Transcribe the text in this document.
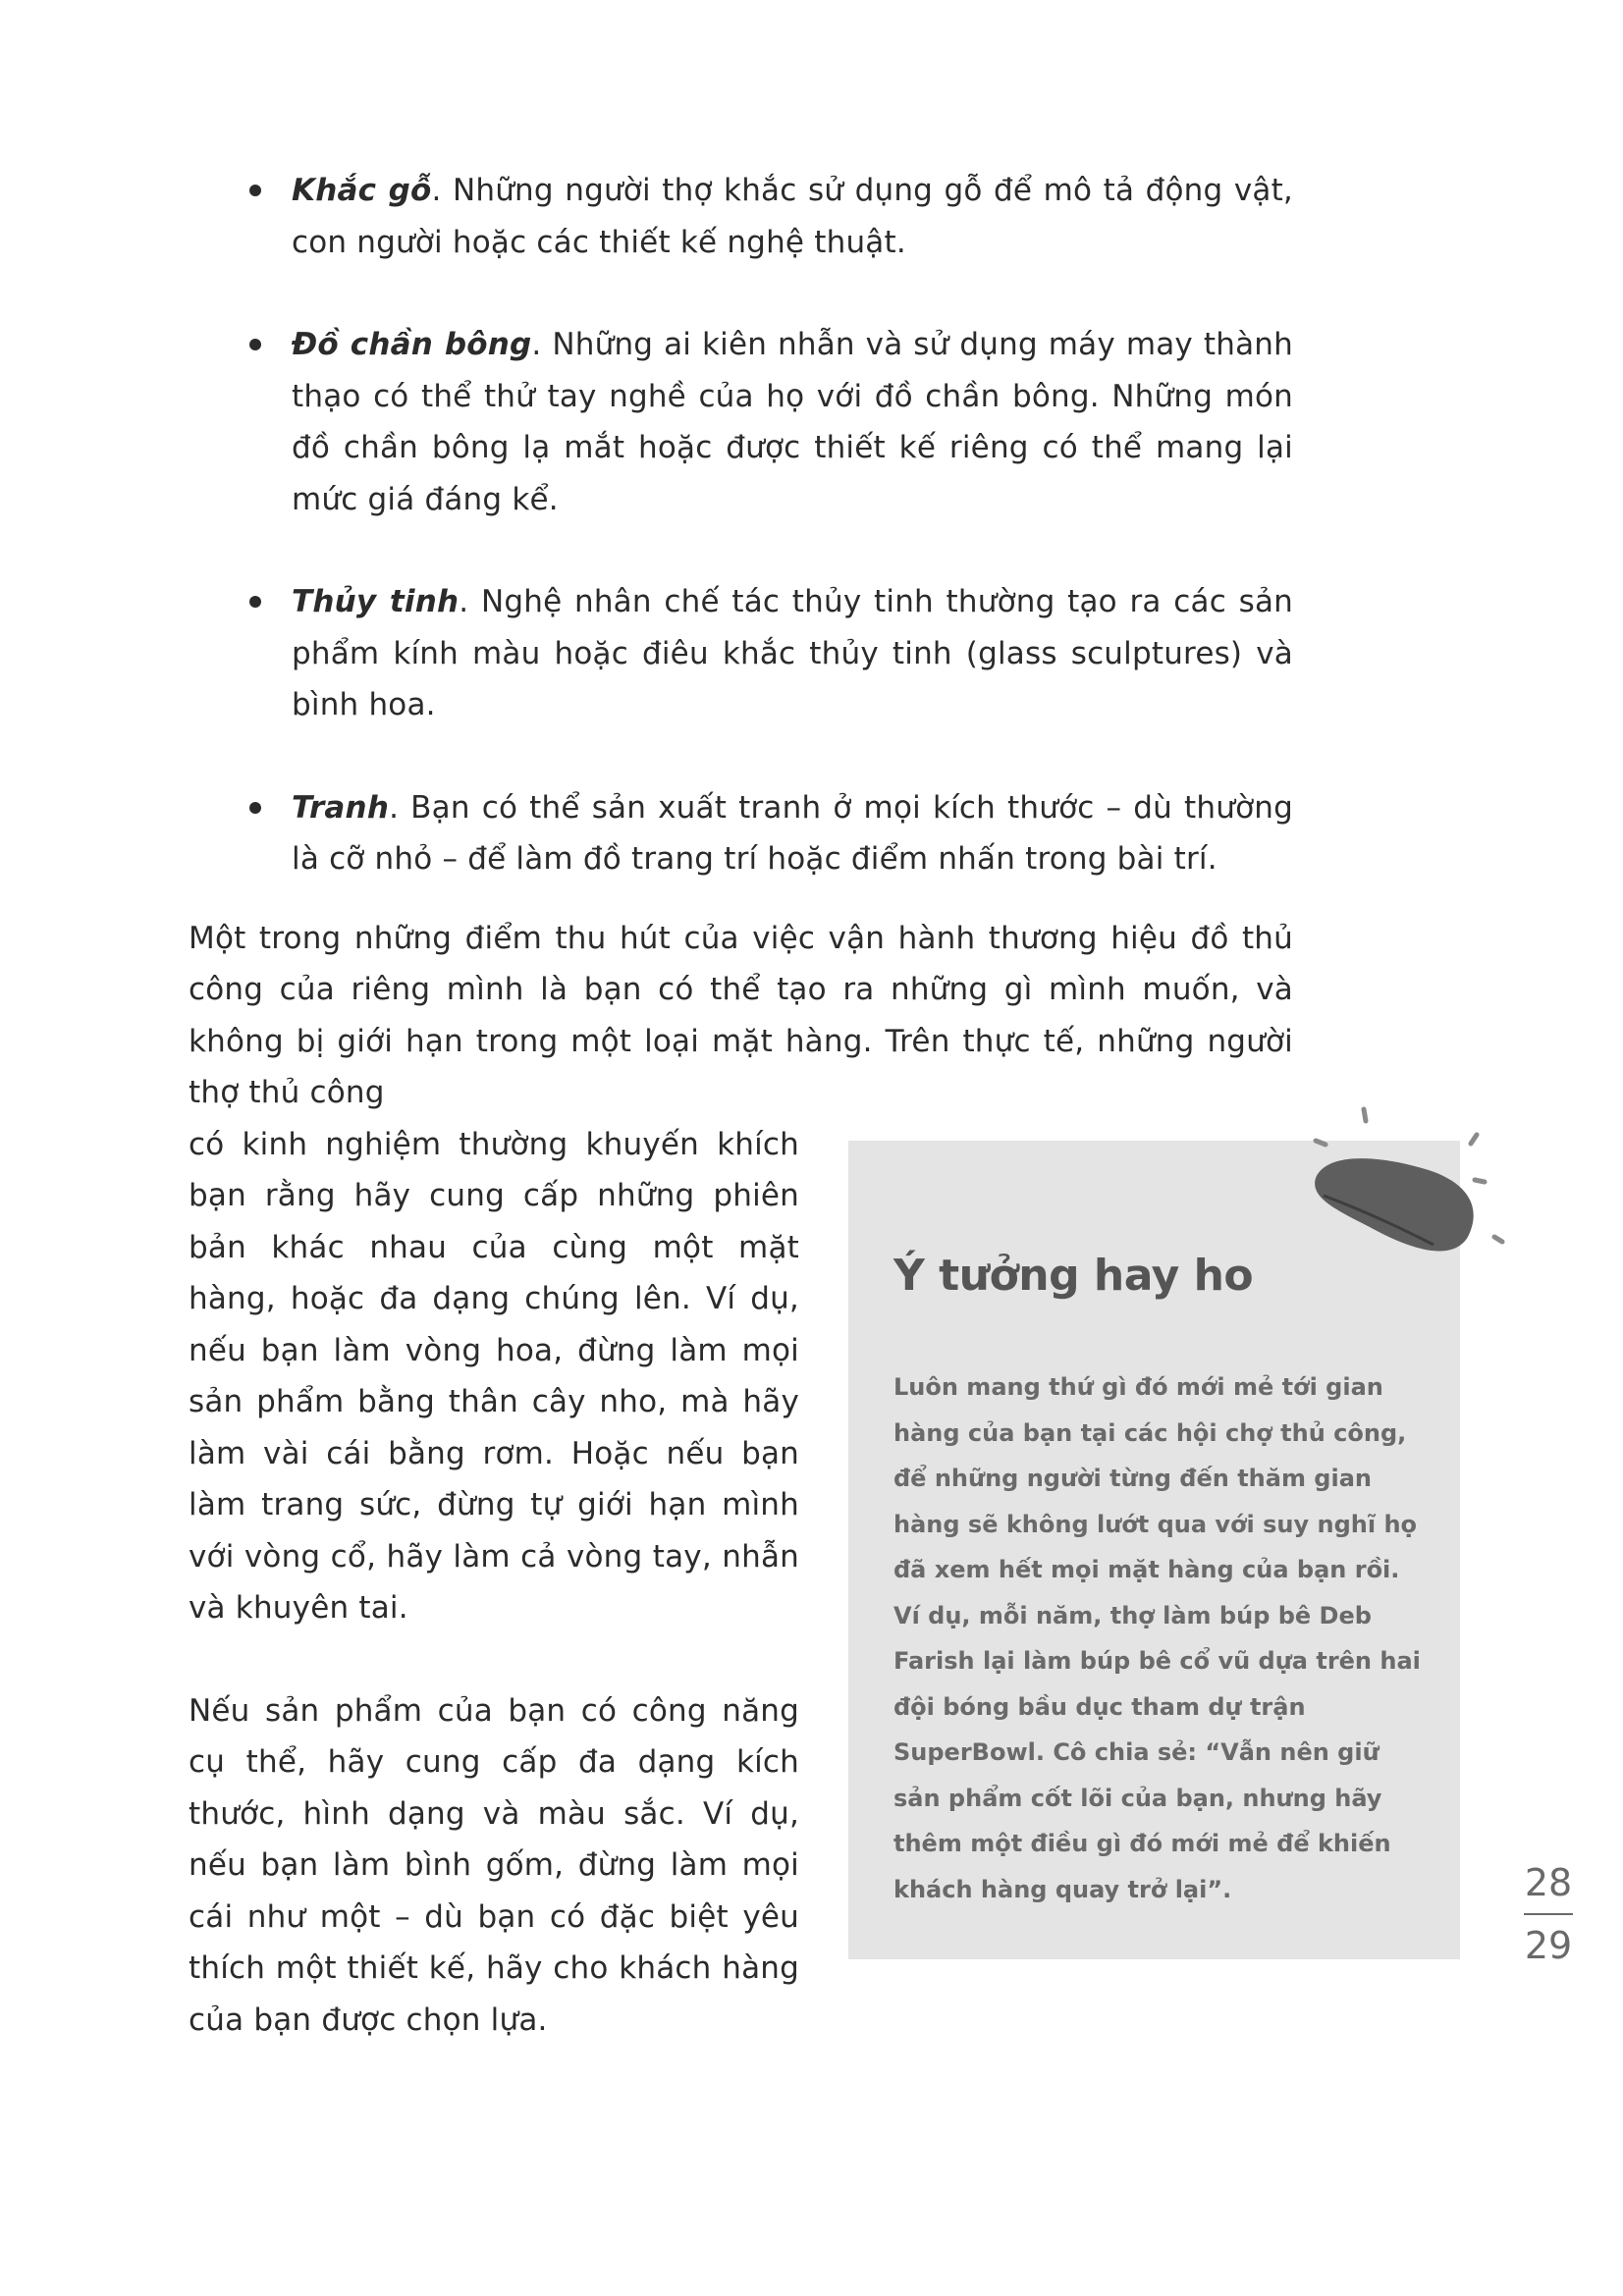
Khắc gỗ. Những người thợ khắc sử dụng gỗ để mô tả động vật, con người hoặc các thiết kế nghệ thuật.
Đồ chần bông. Những ai kiên nhẫn và sử dụng máy may thành thạo có thể thử tay nghề của họ với đồ chần bông. Những món đồ chần bông lạ mắt hoặc được thiết kế riêng có thể mang lại mức giá đáng kể.
Thủy tinh. Nghệ nhân chế tác thủy tinh thường tạo ra các sản phẩm kính màu hoặc điêu khắc thủy tinh (glass sculptures) và bình hoa.
Tranh. Bạn có thể sản xuất tranh ở mọi kích thước – dù thường là cỡ nhỏ – để làm đồ trang trí hoặc điểm nhấn trong bài trí.

Một trong những điểm thu hút của việc vận hành thương hiệu đồ thủ công của riêng mình là bạn có thể tạo ra những gì mình muốn, và không bị giới hạn trong một loại mặt hàng. Trên thực tế, những người thợ thủ công

có kinh nghiệm thường khuyến khích bạn rằng hãy cung cấp những phiên bản khác nhau của cùng một mặt hàng, hoặc đa dạng chúng lên. Ví dụ, nếu bạn làm vòng hoa, đừng làm mọi sản phẩm bằng thân cây nho, mà hãy làm vài cái bằng rơm. Hoặc nếu bạn làm trang sức, đừng tự giới hạn mình với vòng cổ, hãy làm cả vòng tay, nhẫn và khuyên tai.

Nếu sản phẩm của bạn có công năng cụ thể, hãy cung cấp đa dạng kích thước, hình dạng và màu sắc. Ví dụ, nếu bạn làm bình gốm, đừng làm mọi cái như một – dù bạn có đặc biệt yêu thích một thiết kế, hãy cho khách hàng của bạn được chọn lựa.

Ý tưởng hay ho

Luôn mang thứ gì đó mới mẻ tới gian hàng của bạn tại các hội chợ thủ công, để những người từng đến thăm gian hàng sẽ không lướt qua với suy nghĩ họ đã xem hết mọi mặt hàng của bạn rồi.

Ví dụ, mỗi năm, thợ làm búp bê Deb Farish lại làm búp bê cổ vũ dựa trên hai đội bóng bầu dục tham dự trận SuperBowl. Cô chia sẻ: “Vẫn nên giữ sản phẩm cốt lõi của bạn, nhưng hãy thêm một điều gì đó mới mẻ để khiến khách hàng quay trở lại”.	28
29
